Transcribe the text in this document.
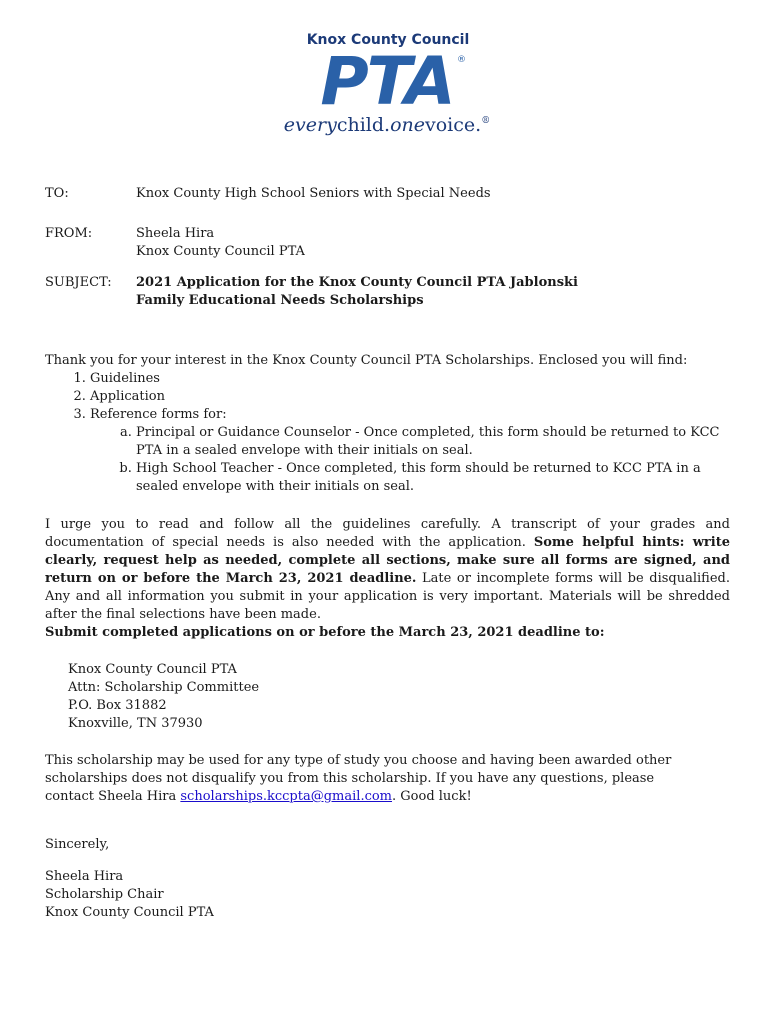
Knox County Council
PTA ®
everychild.onevoice.®
TO:	Knox County High School Seniors with Special Needs
FROM:	Sheela Hira
Knox County Council PTA
SUBJECT:	2021 Application for the Knox County Council PTA Jablonski
Family Educational Needs Scholarships
Thank you for your interest in the Knox County Council PTA Scholarships. Enclosed you will find:
1. Guidelines
2. Application
3. Reference forms for:
a. Principal or Guidance Counselor - Once completed, this form should be returned to KCC PTA in a sealed envelope with their initials on seal.
b. High School Teacher - Once completed, this form should be returned to KCC PTA in a sealed envelope with their initials on seal.
I urge you to read and follow all the guidelines carefully. A transcript of your grades and documentation of special needs is also needed with the application. Some helpful hints: write clearly, request help as needed, complete all sections, make sure all forms are signed, and return on or before the March 23, 2021 deadline. Late or incomplete forms will be disqualified. Any and all information you submit in your application is very important. Materials will be shredded after the final selections have been made.
Submit completed applications on or before the March 23, 2021 deadline to:
Knox County Council PTA
Attn: Scholarship Committee
P.O. Box 31882
Knoxville, TN 37930
This scholarship may be used for any type of study you choose and having been awarded other scholarships does not disqualify you from this scholarship. If you have any questions, please contact Sheela Hira scholarships.kccpta@gmail.com. Good luck!
Sincerely,
Sheela Hira
Scholarship Chair
Knox County Council PTA
